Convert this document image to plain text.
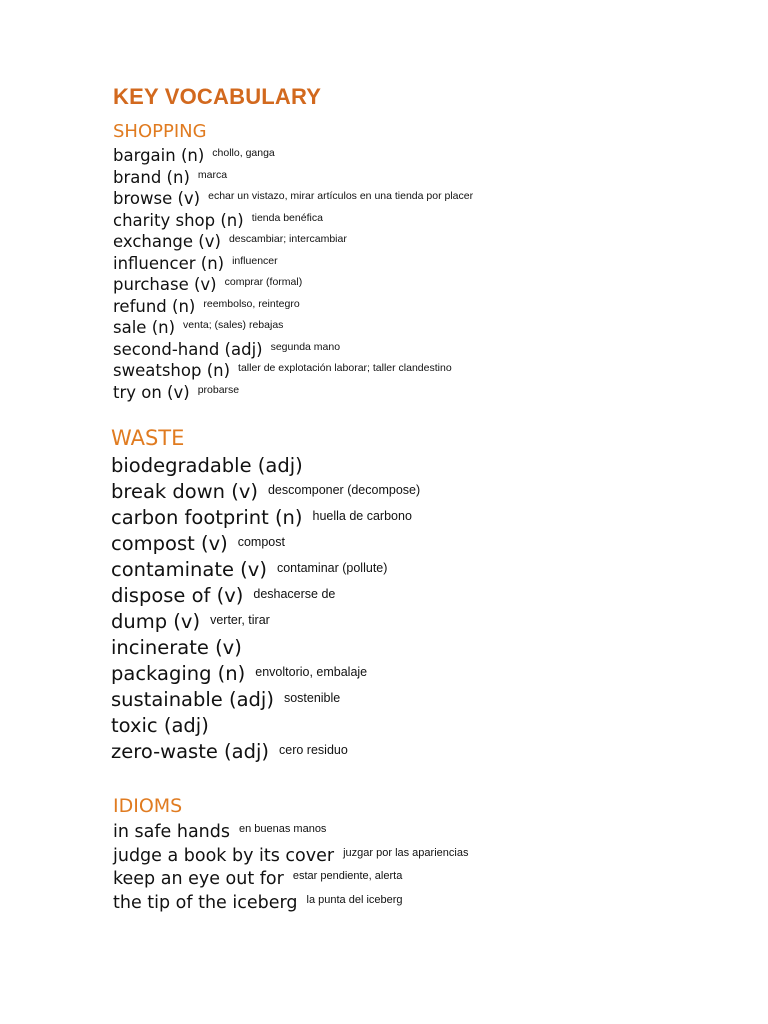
KEY VOCABULARY
SHOPPING
bargain (n) chollo, ganga
brand (n) marca
browse (v) echar un vistazo, mirar artículos en una tienda por placer
charity shop (n) tienda benéfica
exchange (v) descambiar; intercambiar
influencer (n) influencer
purchase (v) comprar (formal)
refund (n) reembolso, reintegro
sale (n) venta; (sales) rebajas
second-hand (adj) segunda mano
sweatshop (n) taller de explotación laborar; taller clandestino
try on (v) probarse
WASTE
biodegradable (adj)
break down (v) descomponer (decompose)
carbon footprint (n) huella de carbono
compost (v) compost
contaminate (v) contaminar (pollute)
dispose of (v) deshacerse de
dump (v) verter, tirar
incinerate (v)
packaging (n) envoltorio, embalaje
sustainable (adj) sostenible
toxic (adj)
zero-waste (adj) cero residuo
IDIOMS
in safe hands en buenas manos
judge a book by its cover juzgar por las apariencias
keep an eye out for estar pendiente, alerta
the tip of the iceberg la punta del iceberg
